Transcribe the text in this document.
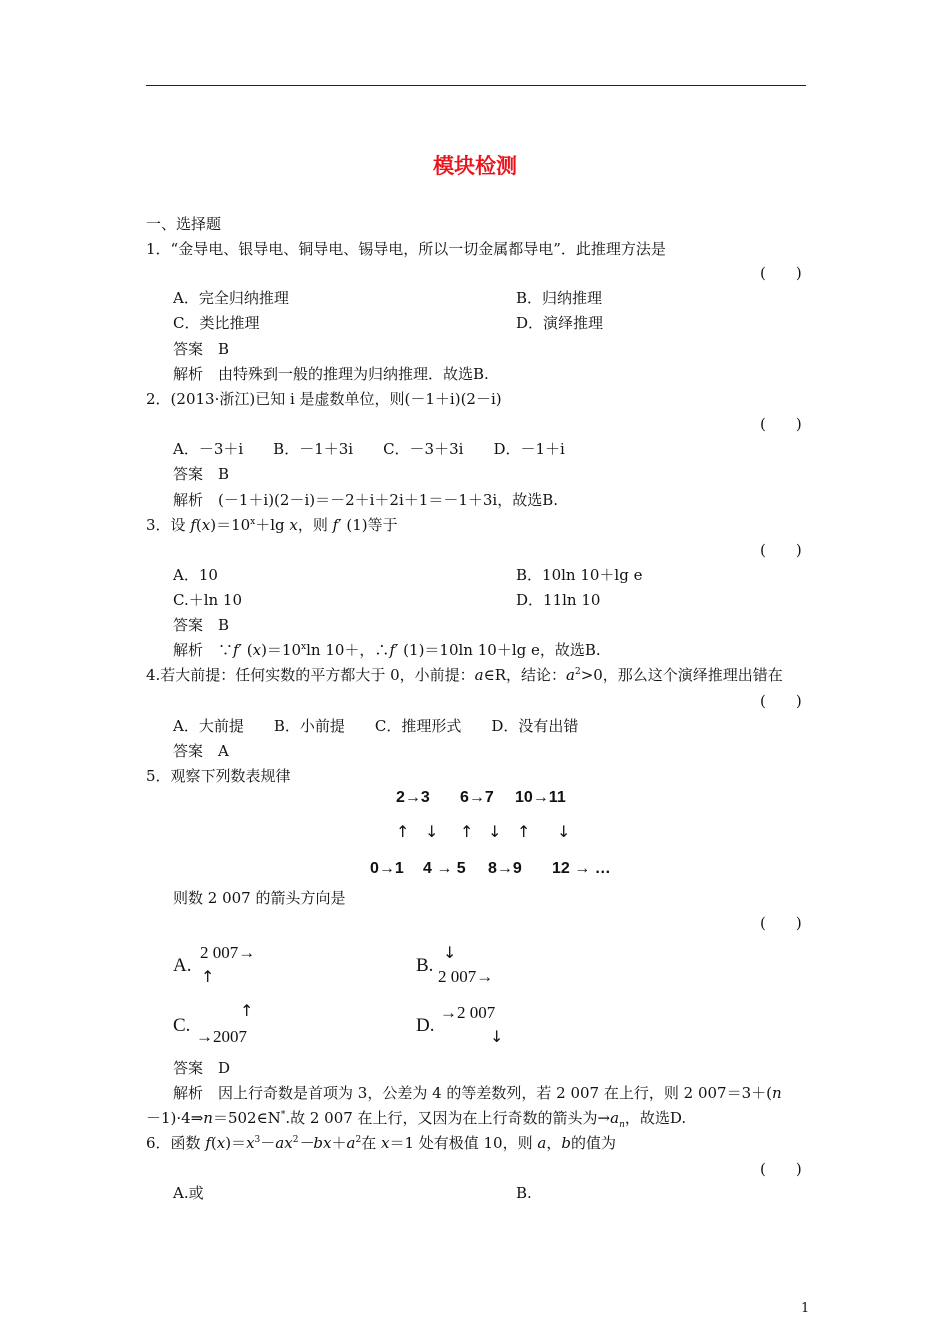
模块检测
一、选择题
1．“金导电、银导电、铜导电、锡导电，所以一切金属都导电”．此推理方法是
(　　)
A．完全归纳推理	B．归纳推理
C．类比推理	D．演绎推理
答案　B
解析　由特殊到一般的推理为归纳推理．故选B.
2．(2013·浙江)已知 i 是虚数单位，则(－1＋i)(2－i)
(　　)
A．－3＋i　　B．－1＋3i　　C．－3＋3i　　D．－1＋i
答案　B
解析　(－1＋i)(2－i)＝－2＋i＋2i＋1＝－1＋3i，故选B.
3．设 $f(x)=10^x+\lg$ x，则 f′ (1)等于
(　　)
A．10	B．10ln 10＋lg e
C.＋ln 10	D．11ln 10
答案　B
解析　∵f′ $(x)=10^x\ln$ 10＋，∴f′ (1)＝10ln 10＋lg e，故选B.
4.若大前提：任何实数的平方都大于 0，小前提：a∈R，结论：$a^2>0$，那么这个演绎推理出错在
(　　)
A．大前提　　B．小前提　　C．推理形式　　D．没有出错
答案　A
5．观察下列数表规律
2→3 6→7 10→11
↑ ↓ ↑ ↓ ↑ ↓
0→1 4 → 5 8→9 12 → …
则数 2 007 的箭头方向是
(　　)
A.
2 007→
↑
B.
↓
2 007→
C.
↑
→2007
D.
→2 007
↓
答案　D
解析　因上行奇数是首项为 3，公差为 4 的等差数列，若 2 007 在上行，则 2 007＝3＋(n
－1)·4⇒n＝502∈N*.故 2 007 在上行，又因为在上行奇数的箭头为$\to a_n$，故选D.
6．函数 $f(x)=x^3-ax^2-bx+a^2$在 x＝1 处有极值 10，则 a，b的值为
(　　)
A.或	B.
1
